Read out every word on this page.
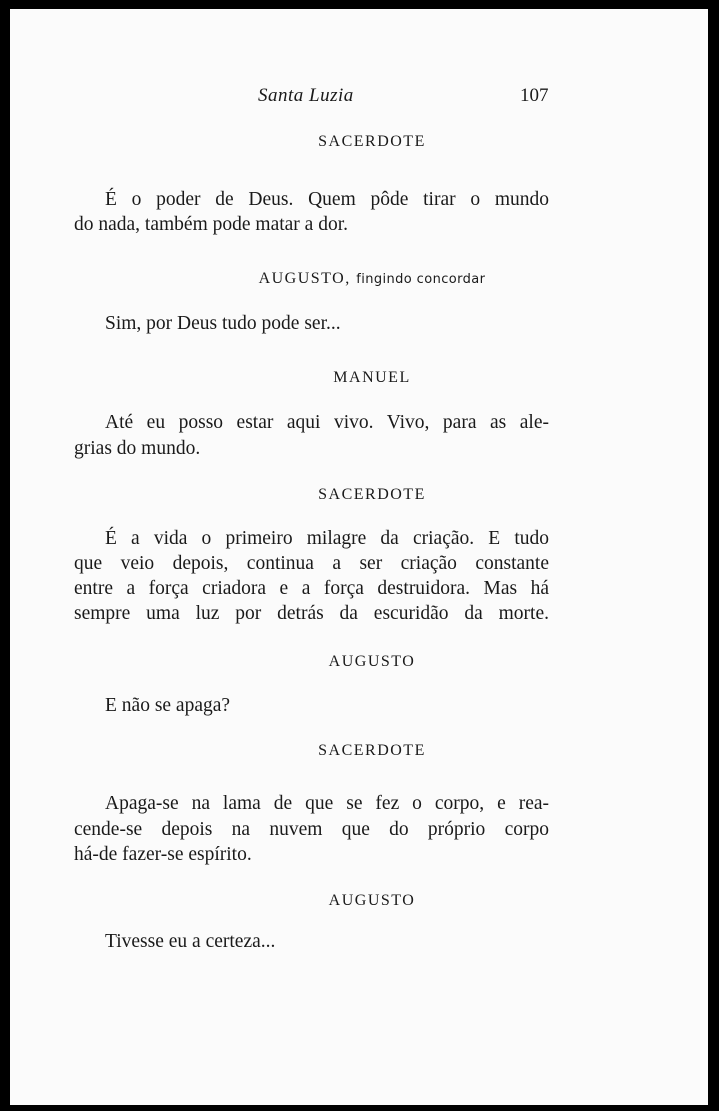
Santa Luzia	107
SACERDOTE
É o poder de Deus. Quem pôde tirar o mundo
do nada, também pode matar a dor.
AUGUSTO, fingindo concordar
Sim, por Deus tudo pode ser...
MANUEL
Até eu posso estar aqui vivo. Vivo, para as ale-
grias do mundo.
SACERDOTE
É a vida o primeiro milagre da criação. E tudo
que veio depois, continua a ser criação constante
entre a força criadora e a força destruidora. Mas há
sempre uma luz por detrás da escuridão da morte.
AUGUSTO
E não se apaga?
SACERDOTE
Apaga-se na lama de que se fez o corpo, e rea-
cende-se depois na nuvem que do próprio corpo
há-de fazer-se espírito.
AUGUSTO
Tivesse eu a certeza...
